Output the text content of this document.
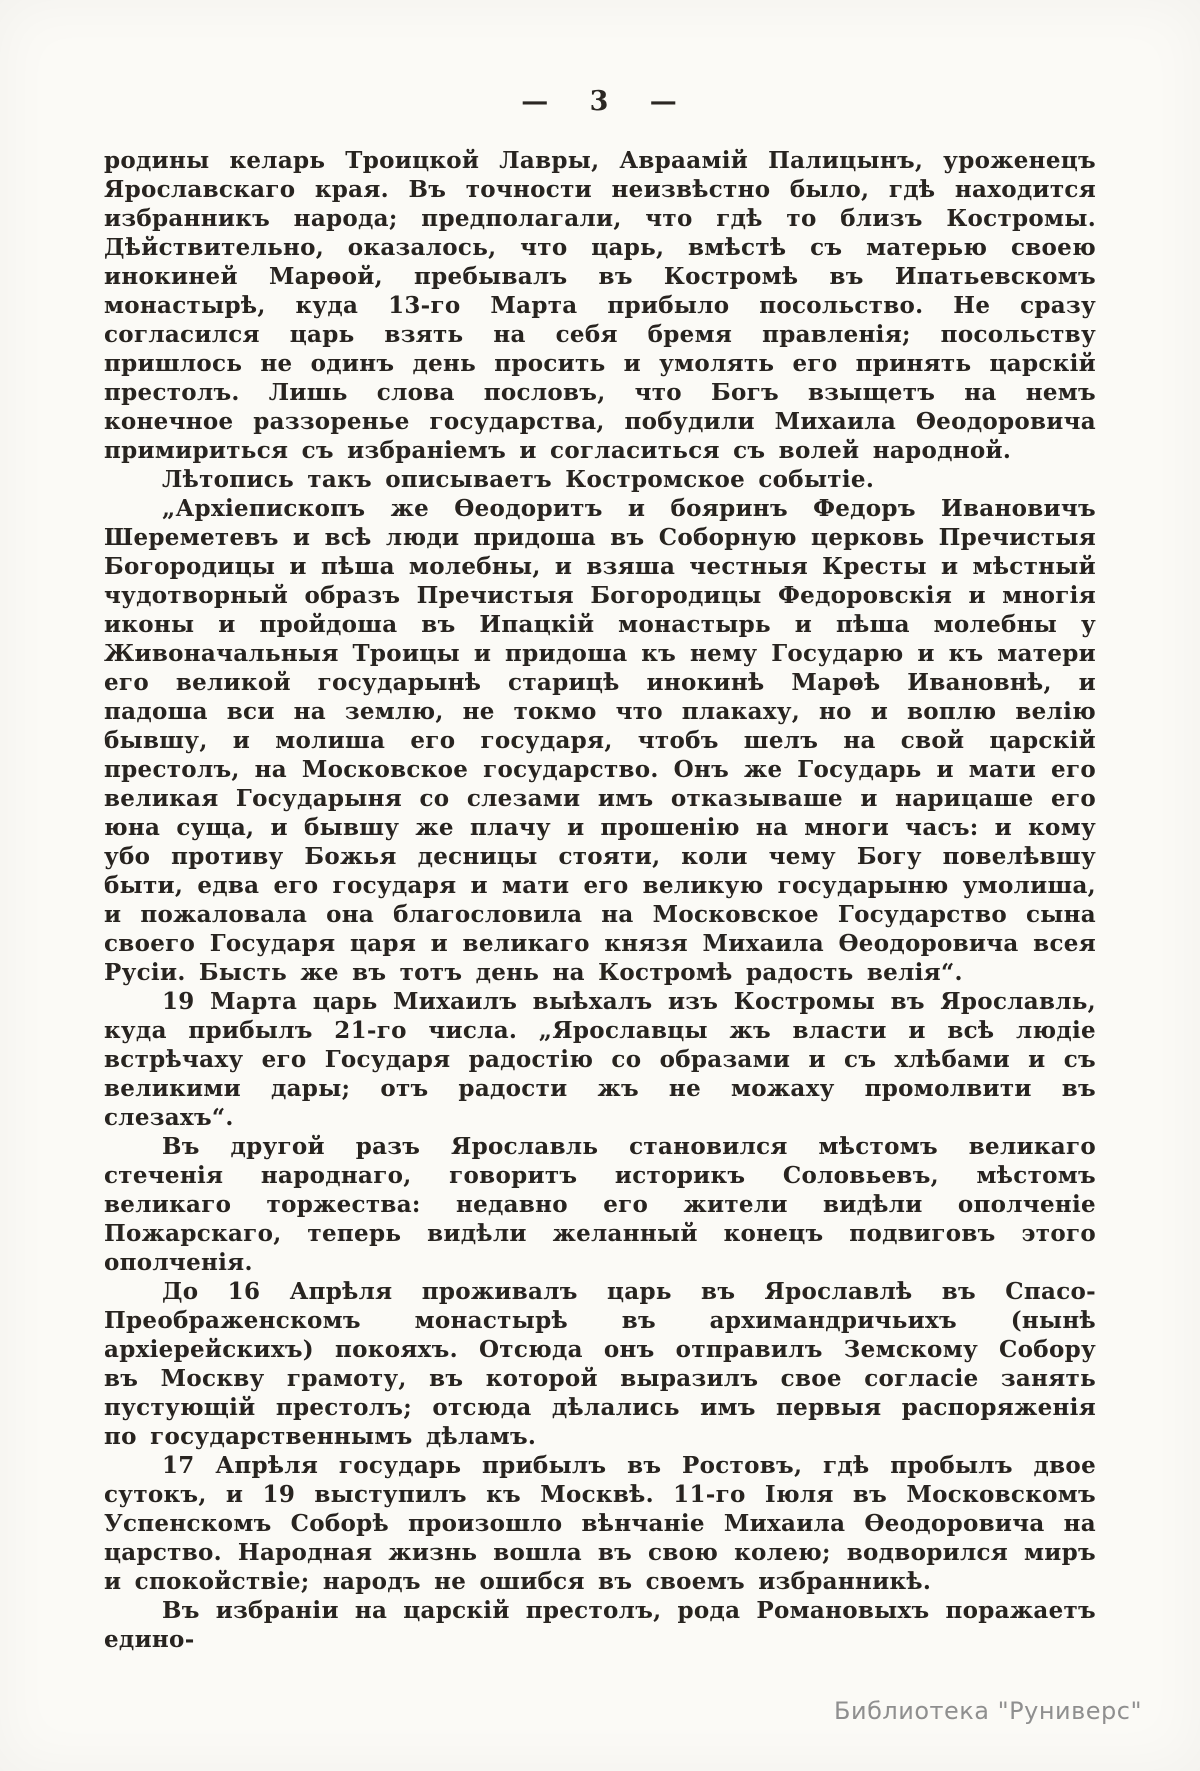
— 3 —

родины келарь Троицкой Лавры, Авраамій Палицынъ, уроженецъ Ярославскаго края. Въ точности неизвѣстно было, гдѣ находится избранникъ народа; предполагали, что гдѣ то близъ Костромы. Дѣйствительно, оказалось, что царь, вмѣстѣ съ матерью своею инокиней Марѳой, пребывалъ въ Костромѣ въ Ипатьевскомъ монастырѣ, куда 13-го Марта прибыло посольство. Не сразу согласился царь взять на себя бремя правленія; посольству пришлось не одинъ день просить и умолять его принять царскій престолъ. Лишь слова пословъ, что Богъ взыщетъ на немъ конечное раззоренье государства, побудили Михаила Ѳеодоровича примириться съ избраніемъ и согласиться съ волей народной.

Лѣтопись такъ описываетъ Костромское событіе.

„Архіепископъ же Ѳеодоритъ и бояринъ Федоръ Ивановичъ Шереметевъ и всѣ люди придоша въ Соборную церковь Пречистыя Богородицы и пѣша молебны, и взяша честныя Кресты и мѣстный чудотворный образъ Пречистыя Богородицы Федоровскія и многія иконы и пройдоша въ Ипацкій монастырь и пѣша молебны у Живоначальныя Троицы и придоша къ нему Государю и къ матери его великой государынѣ старицѣ инокинѣ Марѳѣ Ивановнѣ, и падоша вси на землю, не токмо что плакаху, но и воплю велію бывшу, и молиша его государя, чтобъ шелъ на свой царскій престолъ, на Московское государство. Онъ же Государь и мати его великая Государыня со слезами имъ отказываше и нарицаше его юна суща, и бывшу же плачу и прошенію на многи часъ: и кому убо противу Божья десницы стояти, коли чему Богу повелѣвшу быти, едва его государя и мати его великую государыню умолиша, и пожаловала она благословила на Московское Государство сына своего Государя царя и великаго князя Михаила Ѳеодоровича всея Русіи. Бысть же въ тотъ день на Костромѣ радость велія“.

19 Марта царь Михаилъ выѣхалъ изъ Костромы въ Ярославль, куда прибылъ 21-го числа. „Ярославцы жъ власти и всѣ людіе встрѣчаху его Государя радостію со образами и съ хлѣбами и съ великими дары; отъ радости жъ не можаху промолвити въ слезахъ“.

Въ другой разъ Ярославль становился мѣстомъ великаго стеченія народнаго, говоритъ историкъ Соловьевъ, мѣстомъ великаго торжества: недавно его жители видѣли ополченіе Пожарскаго, теперь видѣли желанный конецъ подвиговъ этого ополченія.

До 16 Апрѣля проживалъ царь въ Ярославлѣ въ Спасо-Преображенскомъ монастырѣ въ архимандричьихъ (нынѣ архіерейскихъ) покояхъ. Отсюда онъ отправилъ Земскому Собору въ Москву грамоту, въ которой выразилъ свое согласіе занять пустующій престолъ; отсюда дѣлались имъ первыя распоряженія по государственнымъ дѣламъ.

17 Апрѣля государь прибылъ въ Ростовъ, гдѣ пробылъ двое сутокъ, и 19 выступилъ къ Москвѣ. 11-го Іюля въ Московскомъ Успенскомъ Соборѣ произошло вѣнчаніе Михаила Ѳеодоровича на царство. Народная жизнь вошла въ свою колею; водворился миръ и спокойствіе; народъ не ошибся въ своемъ избранникѣ.

Въ избраніи на царскій престолъ, рода Романовыхъ поражаетъ едино-

Библиотека "Руниверс"
